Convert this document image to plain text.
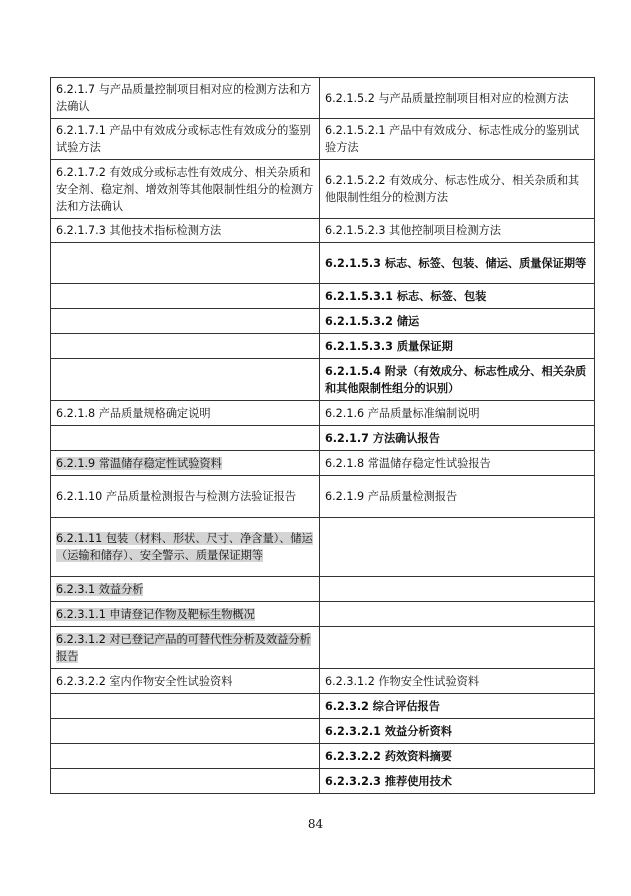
6.2.1.7 与产品质量控制项目相对应的检测方法和方法确认	6.2.1.5.2 与产品质量控制项目相对应的检测方法
6.2.1.7.1 产品中有效成分或标志性有效成分的鉴别试验方法	6.2.1.5.2.1 产品中有效成分、标志性成分的鉴别试验方法
6.2.1.7.2 有效成分或标志性有效成分、相关杂质和安全剂、稳定剂、增效剂等其他限制性组分的检测方法和方法确认	6.2.1.5.2.2 有效成分、标志性成分、相关杂质和其他限制性组分的检测方法
6.2.1.7.3 其他技术指标检测方法	6.2.1.5.2.3 其他控制项目检测方法
	6.2.1.5.3 标志、标签、包装、储运、质量保证期等
	6.2.1.5.3.1 标志、标签、包装
	6.2.1.5.3.2 储运
	6.2.1.5.3.3 质量保证期
	6.2.1.5.4 附录（有效成分、标志性成分、相关杂质和其他限制性组分的识别）
6.2.1.8 产品质量规格确定说明	6.2.1.6 产品质量标准编制说明
	6.2.1.7 方法确认报告
6.2.1.9 常温储存稳定性试验资料	6.2.1.8 常温储存稳定性试验报告
6.2.1.10 产品质量检测报告与检测方法验证报告	6.2.1.9 产品质量检测报告
6.2.1.11 包装（材料、形状、尺寸、净含量）、储运（运输和储存）、安全警示、质量保证期等	
6.2.3.1 效益分析	
6.2.3.1.1 申请登记作物及靶标生物概况	
6.2.3.1.2 对已登记产品的可替代性分析及效益分析报告	
6.2.3.2.2 室内作物安全性试验资料	6.2.3.1.2 作物安全性试验资料
	6.2.3.2 综合评估报告
	6.2.3.2.1 效益分析资料
	6.2.3.2.2 药效资料摘要
	6.2.3.2.3 推荐使用技术
84
